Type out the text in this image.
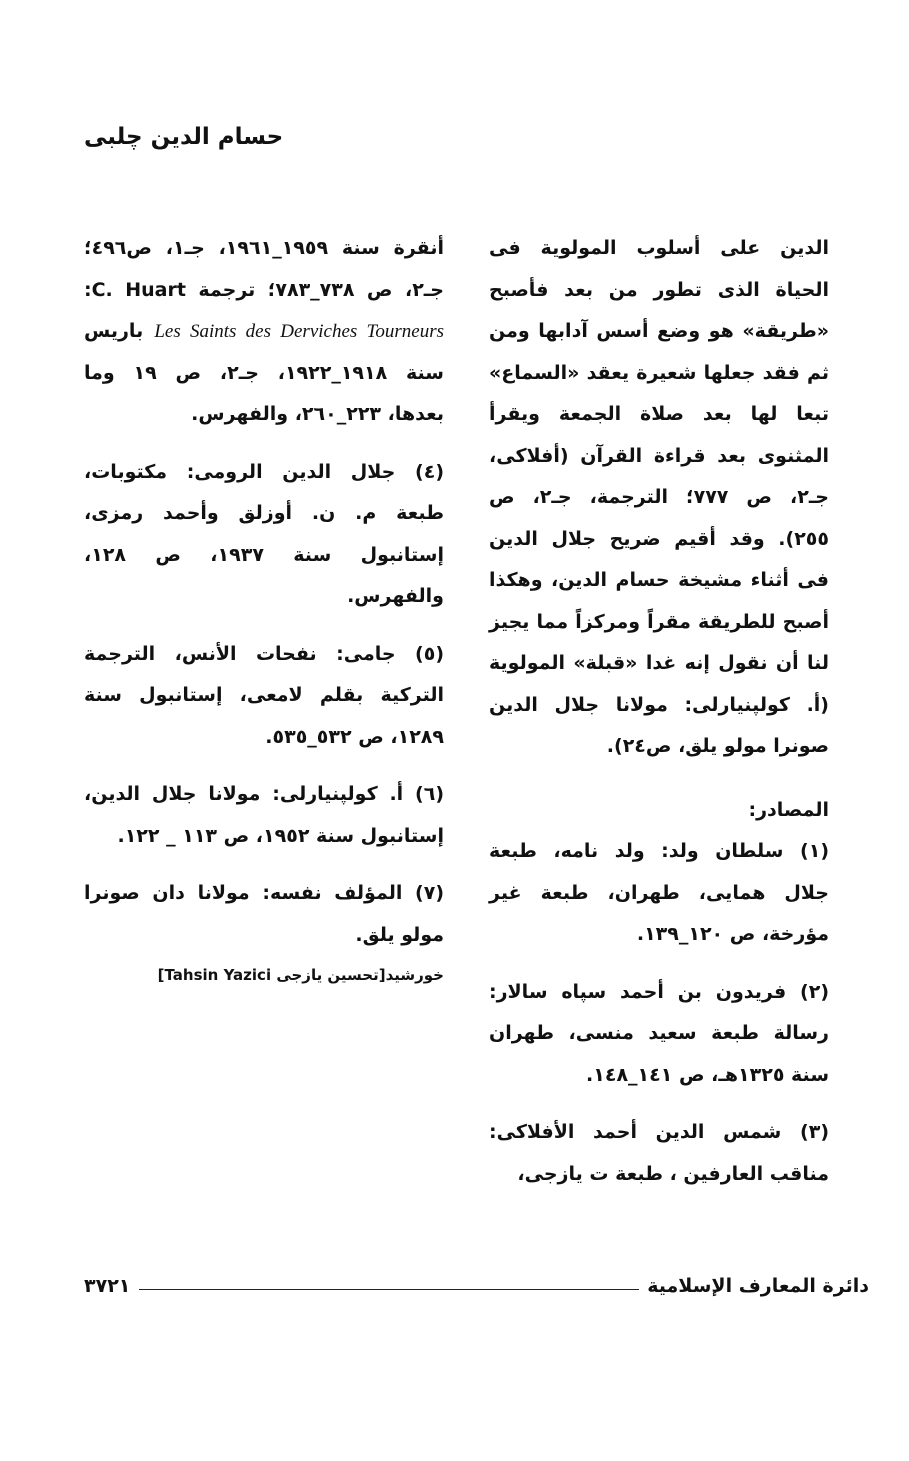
حسام الدين چلبى

الدين على أسلوب المولوية فى الحياة الذى تطور من بعد فأصبح «طريقة» هو وضع أسس آدابها ومن ثم فقد جعلها شعيرة يعقد «السماع» تبعا لها بعد صلاة الجمعة ويقرأ المثنوى بعد قراءة القرآن (أفلاكى، جـ٢، ص ٧٧٧؛ الترجمة، جـ٢، ص ٢٥٥). وقد أقيم ضريح جلال الدين فى أثناء مشيخة حسام الدين، وهكذا أصبح للطريقة مقراً ومركزاً مما يجيز لنا أن نقول إنه غدا «قبلة» المولوية (أ. كولپنيارلى: مولانا جلال الدين صونرا مولو يلق، ص٢٤).

المصادر:

(١) سلطان ولد: ولد نامه، طبعة جلال همايى، طهران، طبعة غير مؤرخة، ص ١٢٠_١٣٩.

(٢) فريدون بن أحمد سپاه سالار: رسالة طبعة سعيد منسى، طهران سنة ١٣٢٥هـ، ص ١٤١_١٤٨.

(٣) شمس الدين أحمد الأفلاكى: مناقب العارفين ، طبعة ت يازجى،

أنقرة سنة ١٩٥٩_١٩٦١، جـ١، ص٤٩٦؛ جـ٢، ص ٧٣٨_٧٨٣؛ ترجمة C. Huart: Les Saints des Derviches Tourneurs باريس سنة ١٩١٨_١٩٢٢، جـ٢، ص ١٩ وما بعدها، ٢٢٣_٢٦٠، والفهرس.

(٤) جلال الدين الرومى: مكتوبات، طبعة م. ن. أوزلق وأحمد رمزى، إستانبول سنة ١٩٣٧، ص ١٢٨، والفهرس.

(٥) جامى: نفحات الأنس، الترجمة التركية بقلم لامعى، إستانبول سنة ١٢٨٩، ص ٥٣٢_٥٣٥.

(٦) أ. كولپنيارلى: مولانا جلال الدين، إستانبول سنة ١٩٥٢، ص ١١٣ _ ١٢٢.

(٧) المؤلف نفسه: مولانا دان صونرا مولو يلق.

خورشيد[تحسين يازجى Tahsin Yazici]

دائرة المعارف الإسلامية
٣٧٢١
